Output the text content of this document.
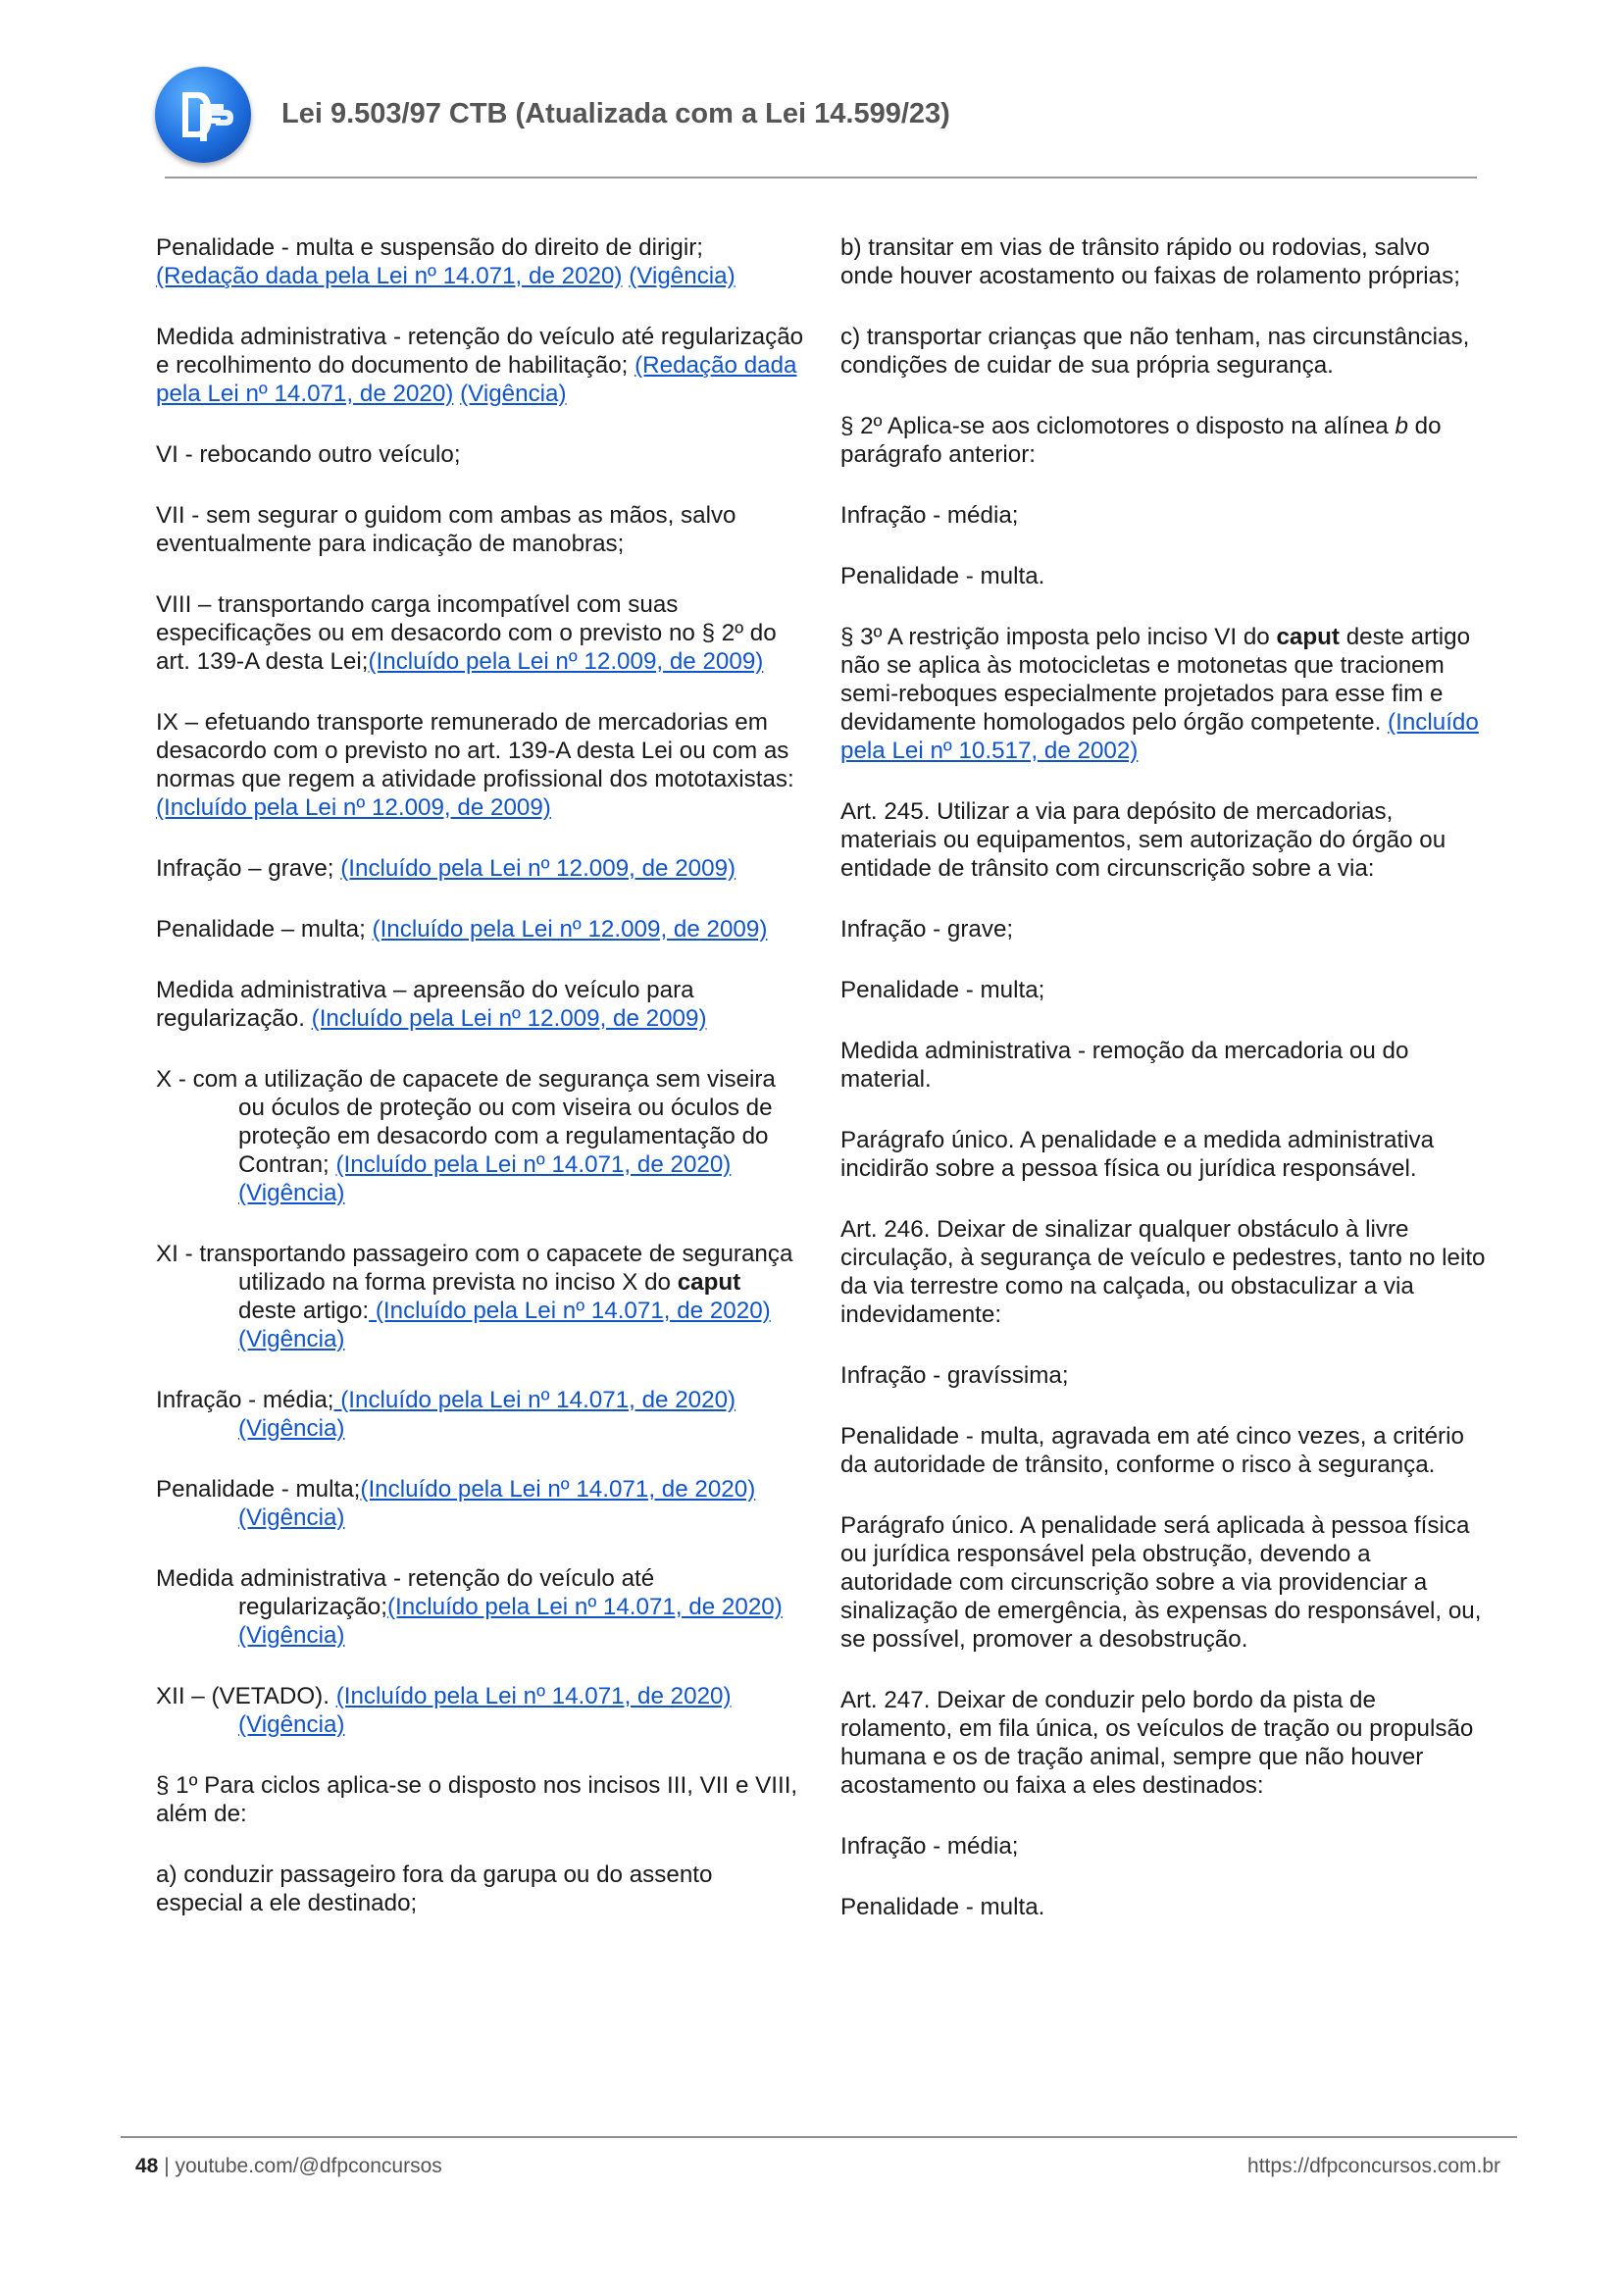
Lei 9.503/97 CTB (Atualizada com a Lei 14.599/23)

Penalidade - multa e suspensão do direito de dirigir;(Redação dada pela Lei nº 14.071, de 2020) (Vigência)

Medida administrativa - retenção do veículo até regularização e recolhimento do documento de habilitação; (Redação dada pela Lei nº 14.071, de 2020) (Vigência)

VI - rebocando outro veículo;

VII - sem segurar o guidom com ambas as mãos, salvo eventualmente para indicação de manobras;

VIII – transportando carga incompatível com suas especificações ou em desacordo com o previsto no § 2º do art. 139-A desta Lei;(Incluído pela Lei nº 12.009, de 2009)

IX – efetuando transporte remunerado de mercadorias em desacordo com o previsto no art. 139-A desta Lei ou com as normas que regem a atividade profissional dos mototaxistas: (Incluído pela Lei nº 12.009, de 2009)

Infração – grave; (Incluído pela Lei nº 12.009, de 2009)

Penalidade – multa; (Incluído pela Lei nº 12.009, de 2009)

Medida administrativa – apreensão do veículo para regularização. (Incluído pela Lei nº 12.009, de 2009)

X - com a utilização de capacete de segurança sem viseira ou óculos de proteção ou com viseira ou óculos de proteção em desacordo com a regulamentação do Contran; (Incluído pela Lei nº 14.071, de 2020) (Vigência)

XI - transportando passageiro com o capacete de segurança utilizado na forma prevista no inciso X do caput deste artigo: (Incluído pela Lei nº 14.071, de 2020) (Vigência)

Infração - média; (Incluído pela Lei nº 14.071, de 2020) (Vigência)

Penalidade - multa;(Incluído pela Lei nº 14.071, de 2020) (Vigência)

Medida administrativa - retenção do veículo até regularização;(Incluído pela Lei nº 14.071, de 2020) (Vigência)

XII – (VETADO). (Incluído pela Lei nº 14.071, de 2020) (Vigência)

§ 1º Para ciclos aplica-se o disposto nos incisos III, VII e VIII, além de:

a) conduzir passageiro fora da garupa ou do assento especial a ele destinado;

b) transitar em vias de trânsito rápido ou rodovias, salvo onde houver acostamento ou faixas de rolamento próprias;

c) transportar crianças que não tenham, nas circunstâncias, condições de cuidar de sua própria segurança.

§ 2º Aplica-se aos ciclomotores o disposto na alínea b do parágrafo anterior:

Infração - média;

Penalidade - multa.

§ 3º A restrição imposta pelo inciso VI do caput deste artigo não se aplica às motocicletas e motonetas que tracionem semi-reboques especialmente projetados para esse fim e devidamente homologados pelo órgão competente. (Incluído pela Lei nº 10.517, de 2002)

Art. 245. Utilizar a via para depósito de mercadorias, materiais ou equipamentos, sem autorização do órgão ou entidade de trânsito com circunscrição sobre a via:

Infração - grave;

Penalidade - multa;

Medida administrativa - remoção da mercadoria ou do material.

Parágrafo único. A penalidade e a medida administrativa incidirão sobre a pessoa física ou jurídica responsável.

Art. 246. Deixar de sinalizar qualquer obstáculo à livre circulação, à segurança de veículo e pedestres, tanto no leito da via terrestre como na calçada, ou obstaculizar a via indevidamente:

Infração - gravíssima;

Penalidade - multa, agravada em até cinco vezes, a critério da autoridade de trânsito, conforme o risco à segurança.

Parágrafo único. A penalidade será aplicada à pessoa física ou jurídica responsável pela obstrução, devendo a autoridade com circunscrição sobre a via providenciar a sinalização de emergência, às expensas do responsável, ou, se possível, promover a desobstrução.

Art. 247. Deixar de conduzir pelo bordo da pista de rolamento, em fila única, os veículos de tração ou propulsão humana e os de tração animal, sempre que não houver acostamento ou faixa a eles destinados:

Infração - média;

Penalidade - multa.

48 | youtube.com/@dfpconcursos	https://dfpconcursos.com.br
